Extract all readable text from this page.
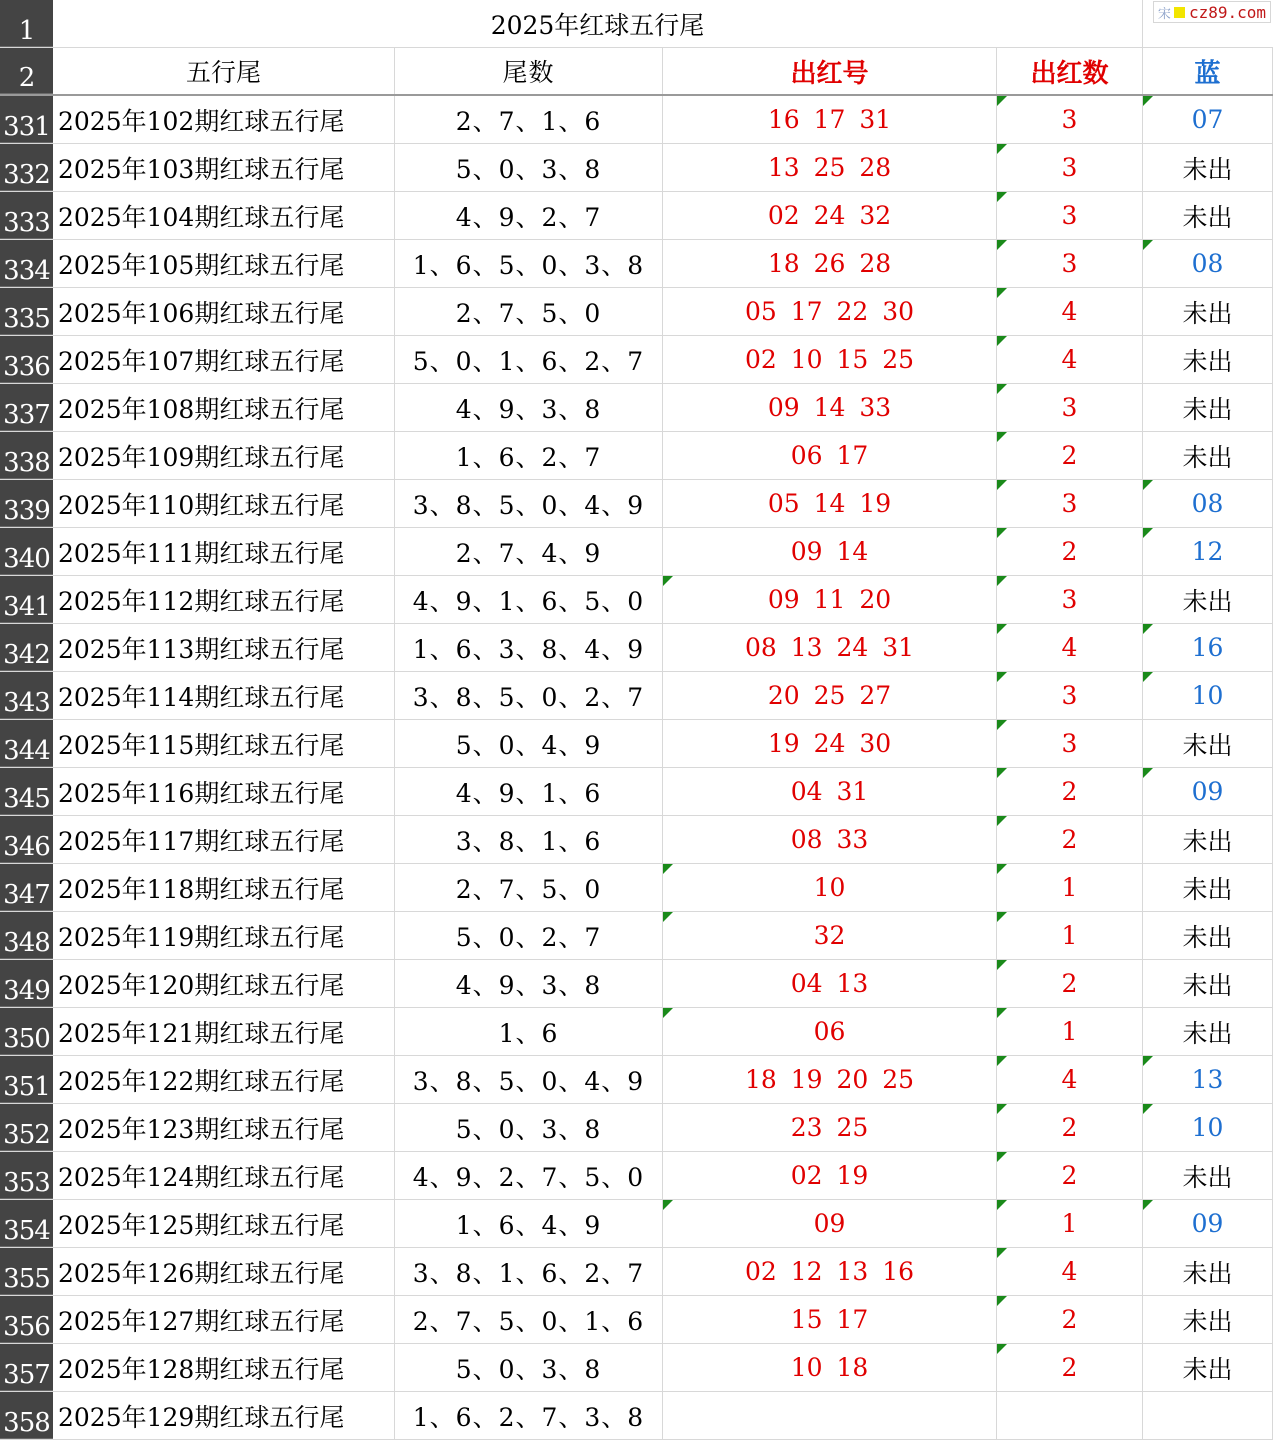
1	2025年红球五行尾
2	五行尾	尾数	出红号	出红数	蓝
331 2025年102期红球五行尾	2、7、1、6	16 17 31	3	07
332 2025年103期红球五行尾	5、0、3、8	13 25 28	3	未出
333 2025年104期红球五行尾	4、9、2、7	02 24 32	3	未出
334 2025年105期红球五行尾	1、6、5、0、3、8	18 26 28	3	08
335 2025年106期红球五行尾	2、7、5、0	05 17 22 30	4	未出
336 2025年107期红球五行尾	5、0、1、6、2、7	02 10 15 25	4	未出
337 2025年108期红球五行尾	4、9、3、8	09 14 33	3	未出
338 2025年109期红球五行尾	1、6、2、7	06 17	2	未出
339 2025年110期红球五行尾	3、8、5、0、4、9	05 14 19	3	08
340 2025年111期红球五行尾	2、7、4、9	09 14	2	12
341 2025年112期红球五行尾	4、9、1、6、5、0	09 11 20	3	未出
342 2025年113期红球五行尾	1、6、3、8、4、9	08 13 24 31	4	16
343 2025年114期红球五行尾	3、8、5、0、2、7	20 25 27	3	10
344 2025年115期红球五行尾	5、0、4、9	19 24 30	3	未出
345 2025年116期红球五行尾	4、9、1、6	04 31	2	09
346 2025年117期红球五行尾	3、8、1、6	08 33	2	未出
347 2025年118期红球五行尾	2、7、5、0	10	1	未出
348 2025年119期红球五行尾	5、0、2、7	32	1	未出
349 2025年120期红球五行尾	4、9、3、8	04 13	2	未出
350 2025年121期红球五行尾	1、6	06	1	未出
351 2025年122期红球五行尾	3、8、5、0、4、9	18 19 20 25	4	13
352 2025年123期红球五行尾	5、0、3、8	23 25	2	10
353 2025年124期红球五行尾	4、9、2、7、5、0	02 19	2	未出
354 2025年125期红球五行尾	1、6、4、9	09	1	09
355 2025年126期红球五行尾	3、8、1、6、2、7	02 12 13 16	4	未出
356 2025年127期红球五行尾	2、7、5、0、1、6	15 17	2	未出
357 2025年128期红球五行尾	5、0、3、8	10 18	2	未出
358 2025年129期红球五行尾	1、6、2、7、3、8
宋 cz89.com
